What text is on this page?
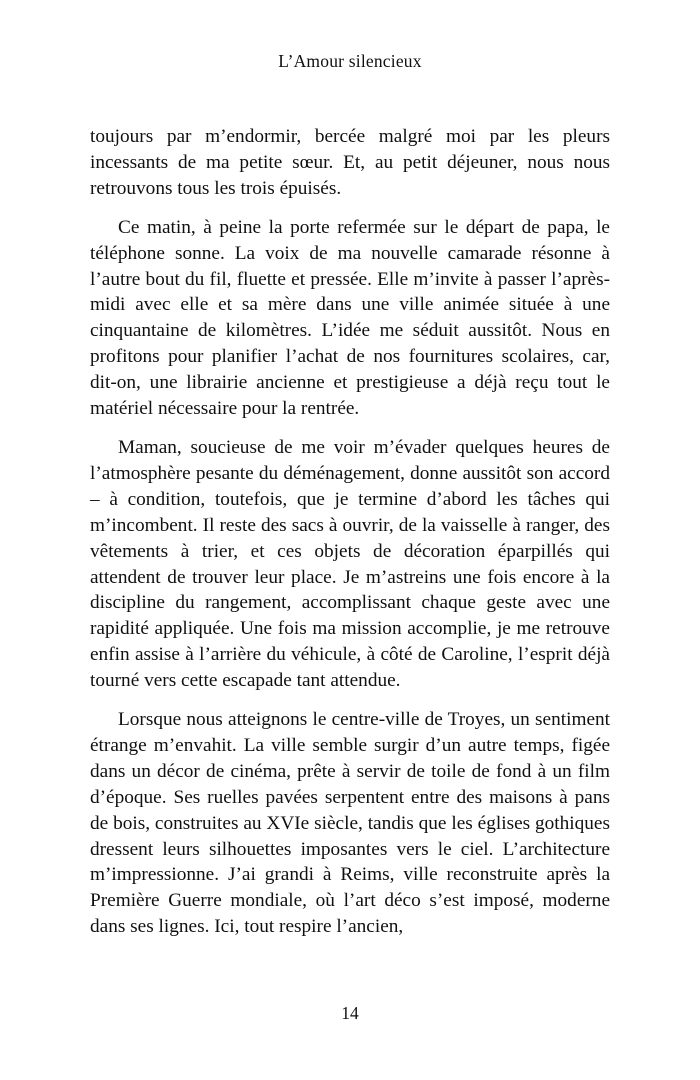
L’Amour silencieux

toujours par m’endormir, bercée malgré moi par les pleurs incessants de ma petite sœur. Et, au petit déjeuner, nous nous retrouvons tous les trois épuisés.

Ce matin, à peine la porte refermée sur le départ de papa, le téléphone sonne. La voix de ma nouvelle camarade résonne à l’autre bout du fil, fluette et pressée. Elle m’invite à passer l’après-midi avec elle et sa mère dans une ville animée située à une cinquantaine de kilomètres. L’idée me séduit aussitôt. Nous en profitons pour planifier l’achat de nos fournitures scolaires, car, dit-on, une librairie ancienne et prestigieuse a déjà reçu tout le matériel nécessaire pour la rentrée.

Maman, soucieuse de me voir m’évader quelques heures de l’atmosphère pesante du déménagement, donne aussitôt son accord – à condition, toutefois, que je termine d’abord les tâches qui m’incombent. Il reste des sacs à ouvrir, de la vaisselle à ranger, des vêtements à trier, et ces objets de décoration éparpillés qui attendent de trouver leur place. Je m’astreins une fois encore à la discipline du rangement, accomplissant chaque geste avec une rapidité appliquée. Une fois ma mission accomplie, je me retrouve enfin assise à l’arrière du véhicule, à côté de Caroline, l’esprit déjà tourné vers cette escapade tant attendue.

Lorsque nous atteignons le centre-ville de Troyes, un sentiment étrange m’envahit. La ville semble surgir d’un autre temps, figée dans un décor de cinéma, prête à servir de toile de fond à un film d’époque. Ses ruelles pavées serpentent entre des maisons à pans de bois, construites au XVIe siècle, tandis que les églises gothiques dressent leurs silhouettes imposantes vers le ciel. L’architecture m’impressionne. J’ai grandi à Reims, ville reconstruite après la Première Guerre mondiale, où l’art déco s’est imposé, moderne dans ses lignes. Ici, tout respire l’ancien,

14
